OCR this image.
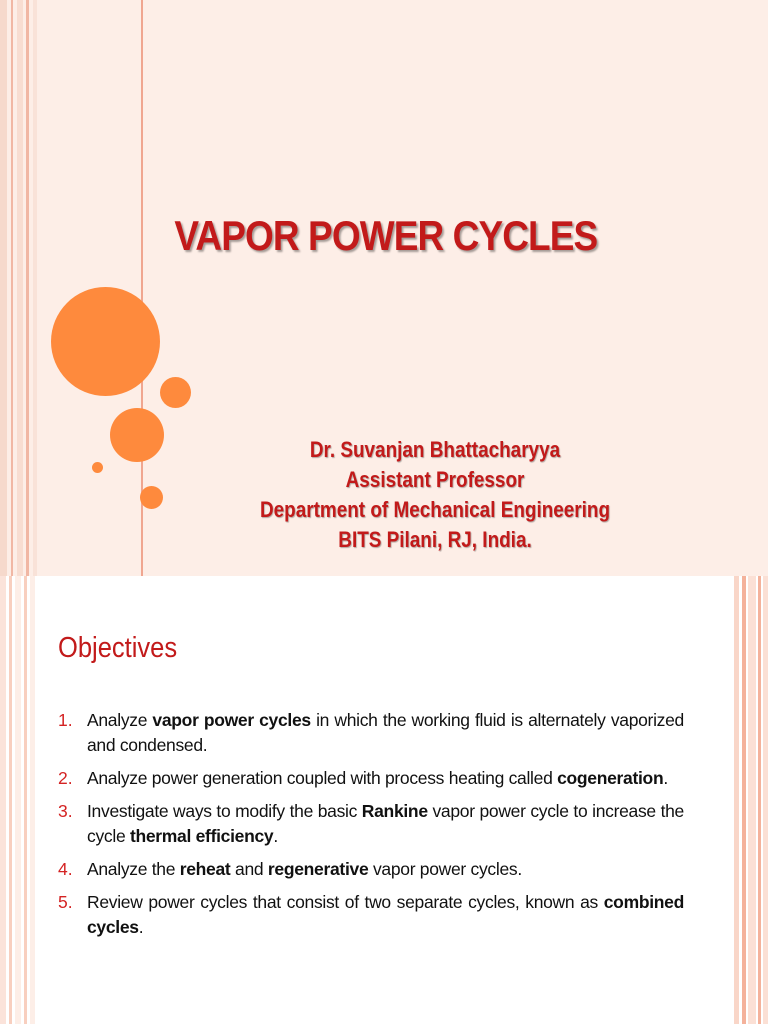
VAPOR POWER CYCLES
Dr. Suvanjan Bhattacharyya
Assistant Professor
Department of Mechanical Engineering
BITS Pilani, RJ, India.
Objectives
1. Analyze vapor power cycles in which the working fluid is alternately vaporized and condensed.
2. Analyze power generation coupled with process heating called cogeneration.
3. Investigate ways to modify the basic Rankine vapor power cycle to increase the cycle thermal efficiency.
4. Analyze the reheat and regenerative vapor power cycles.
5. Review power cycles that consist of two separate cycles, known as combined cycles.
